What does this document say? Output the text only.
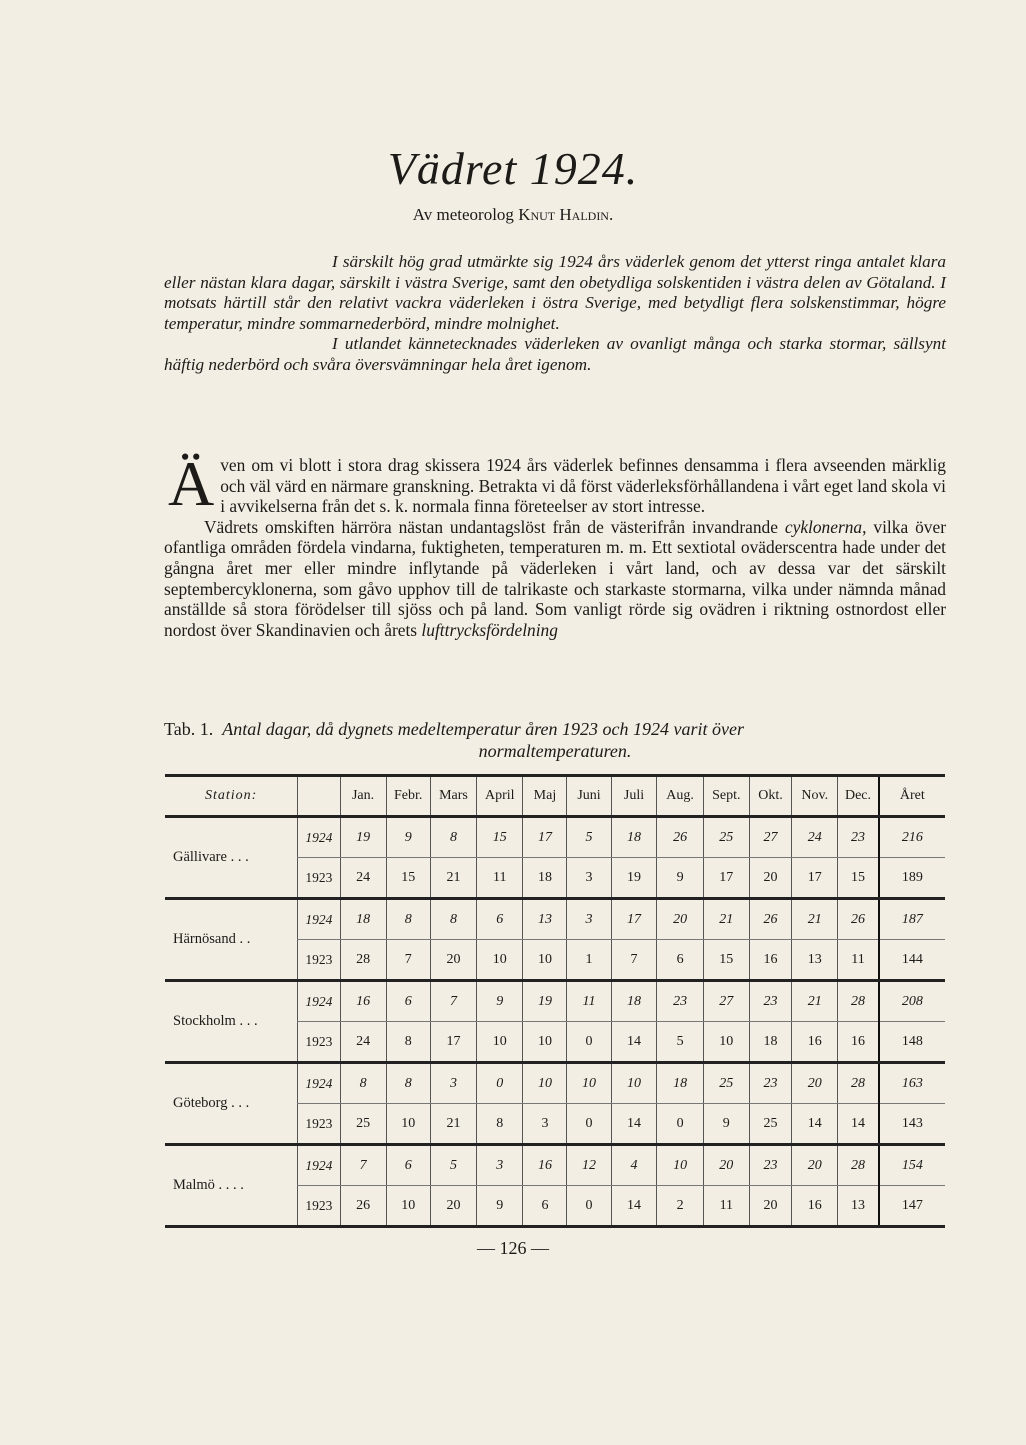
Vädret 1924.
Av meteorolog Knut Haldin.

I särskilt hög grad utmärkte sig 1924 års väderlek genom det ytterst ringa antalet klara eller nästan klara dagar, särskilt i västra Sverige, samt den obetydliga solskentiden i västra delen av Götaland. I motsats härtill står den relativt vackra väderleken i östra Sverige, med betydligt flera solskenstimmar, högre temperatur, mindre sommarnederbörd, mindre molnighet.

I utlandet kännetecknades väderleken av ovanligt många och starka stormar, sällsynt häftig nederbörd och svåra översvämningar hela året igenom.

Även om vi blott i stora drag skissera 1924 års väderlek befinnes densamma i flera avseenden märklig och väl värd en närmare granskning. Betrakta vi då först väderleksförhållandena i vårt eget land skola vi i avvikelserna från det s. k. normala finna företeelser av stort intresse.

Vädrets omskiften härröra nästan undantagslöst från de västerifrån invandrande cyklonerna, vilka över ofantliga områden fördela vindarna, fuktigheten, temperaturen m. m. Ett sextiotal oväderscentra hade under det gångna året mer eller mindre inflytande på väderleken i vårt land, och av dessa var det särskilt septembercyklonerna, som gåvo upphov till de talrikaste och starkaste stormarna, vilka under nämnda månad anställde så stora förödelser till sjöss och på land. Som vanligt rörde sig ovädren i riktning ostnordost eller nordost över Skandinavien och årets lufttrycksfördelning

Tab. 1. Antal dagar, då dygnets medeltemperatur åren 1923 och 1924 varit över
normaltemperaturen.
Station:		Jan.	Febr.	Mars	April	Maj	Juni	Juli	Aug.	Sept.	Okt.	Nov.	Dec.	Året
Gällivare . . .	1924	19	9	8	15	17	5	18	26	25	27	24	23	216
	1923	24	15	21	11	18	3	19	9	17	20	17	15	189
Härnösand . .	1924	18	8	8	6	13	3	17	20	21	26	21	26	187
	1923	28	7	20	10	10	1	7	6	15	16	13	11	144
Stockholm . . .	1924	16	6	7	9	19	11	18	23	27	23	21	28	208
	1923	24	8	17	10	10	0	14	5	10	18	16	16	148
Göteborg . . .	1924	8	8	3	0	10	10	10	18	25	23	20	28	163
	1923	25	10	21	8	3	0	14	0	9	25	14	14	143
Malmö . . . .	1924	7	6	5	3	16	12	4	10	20	23	20	28	154
	1923	26	10	20	9	6	0	14	2	11	20	16	13	147
— 126 —
